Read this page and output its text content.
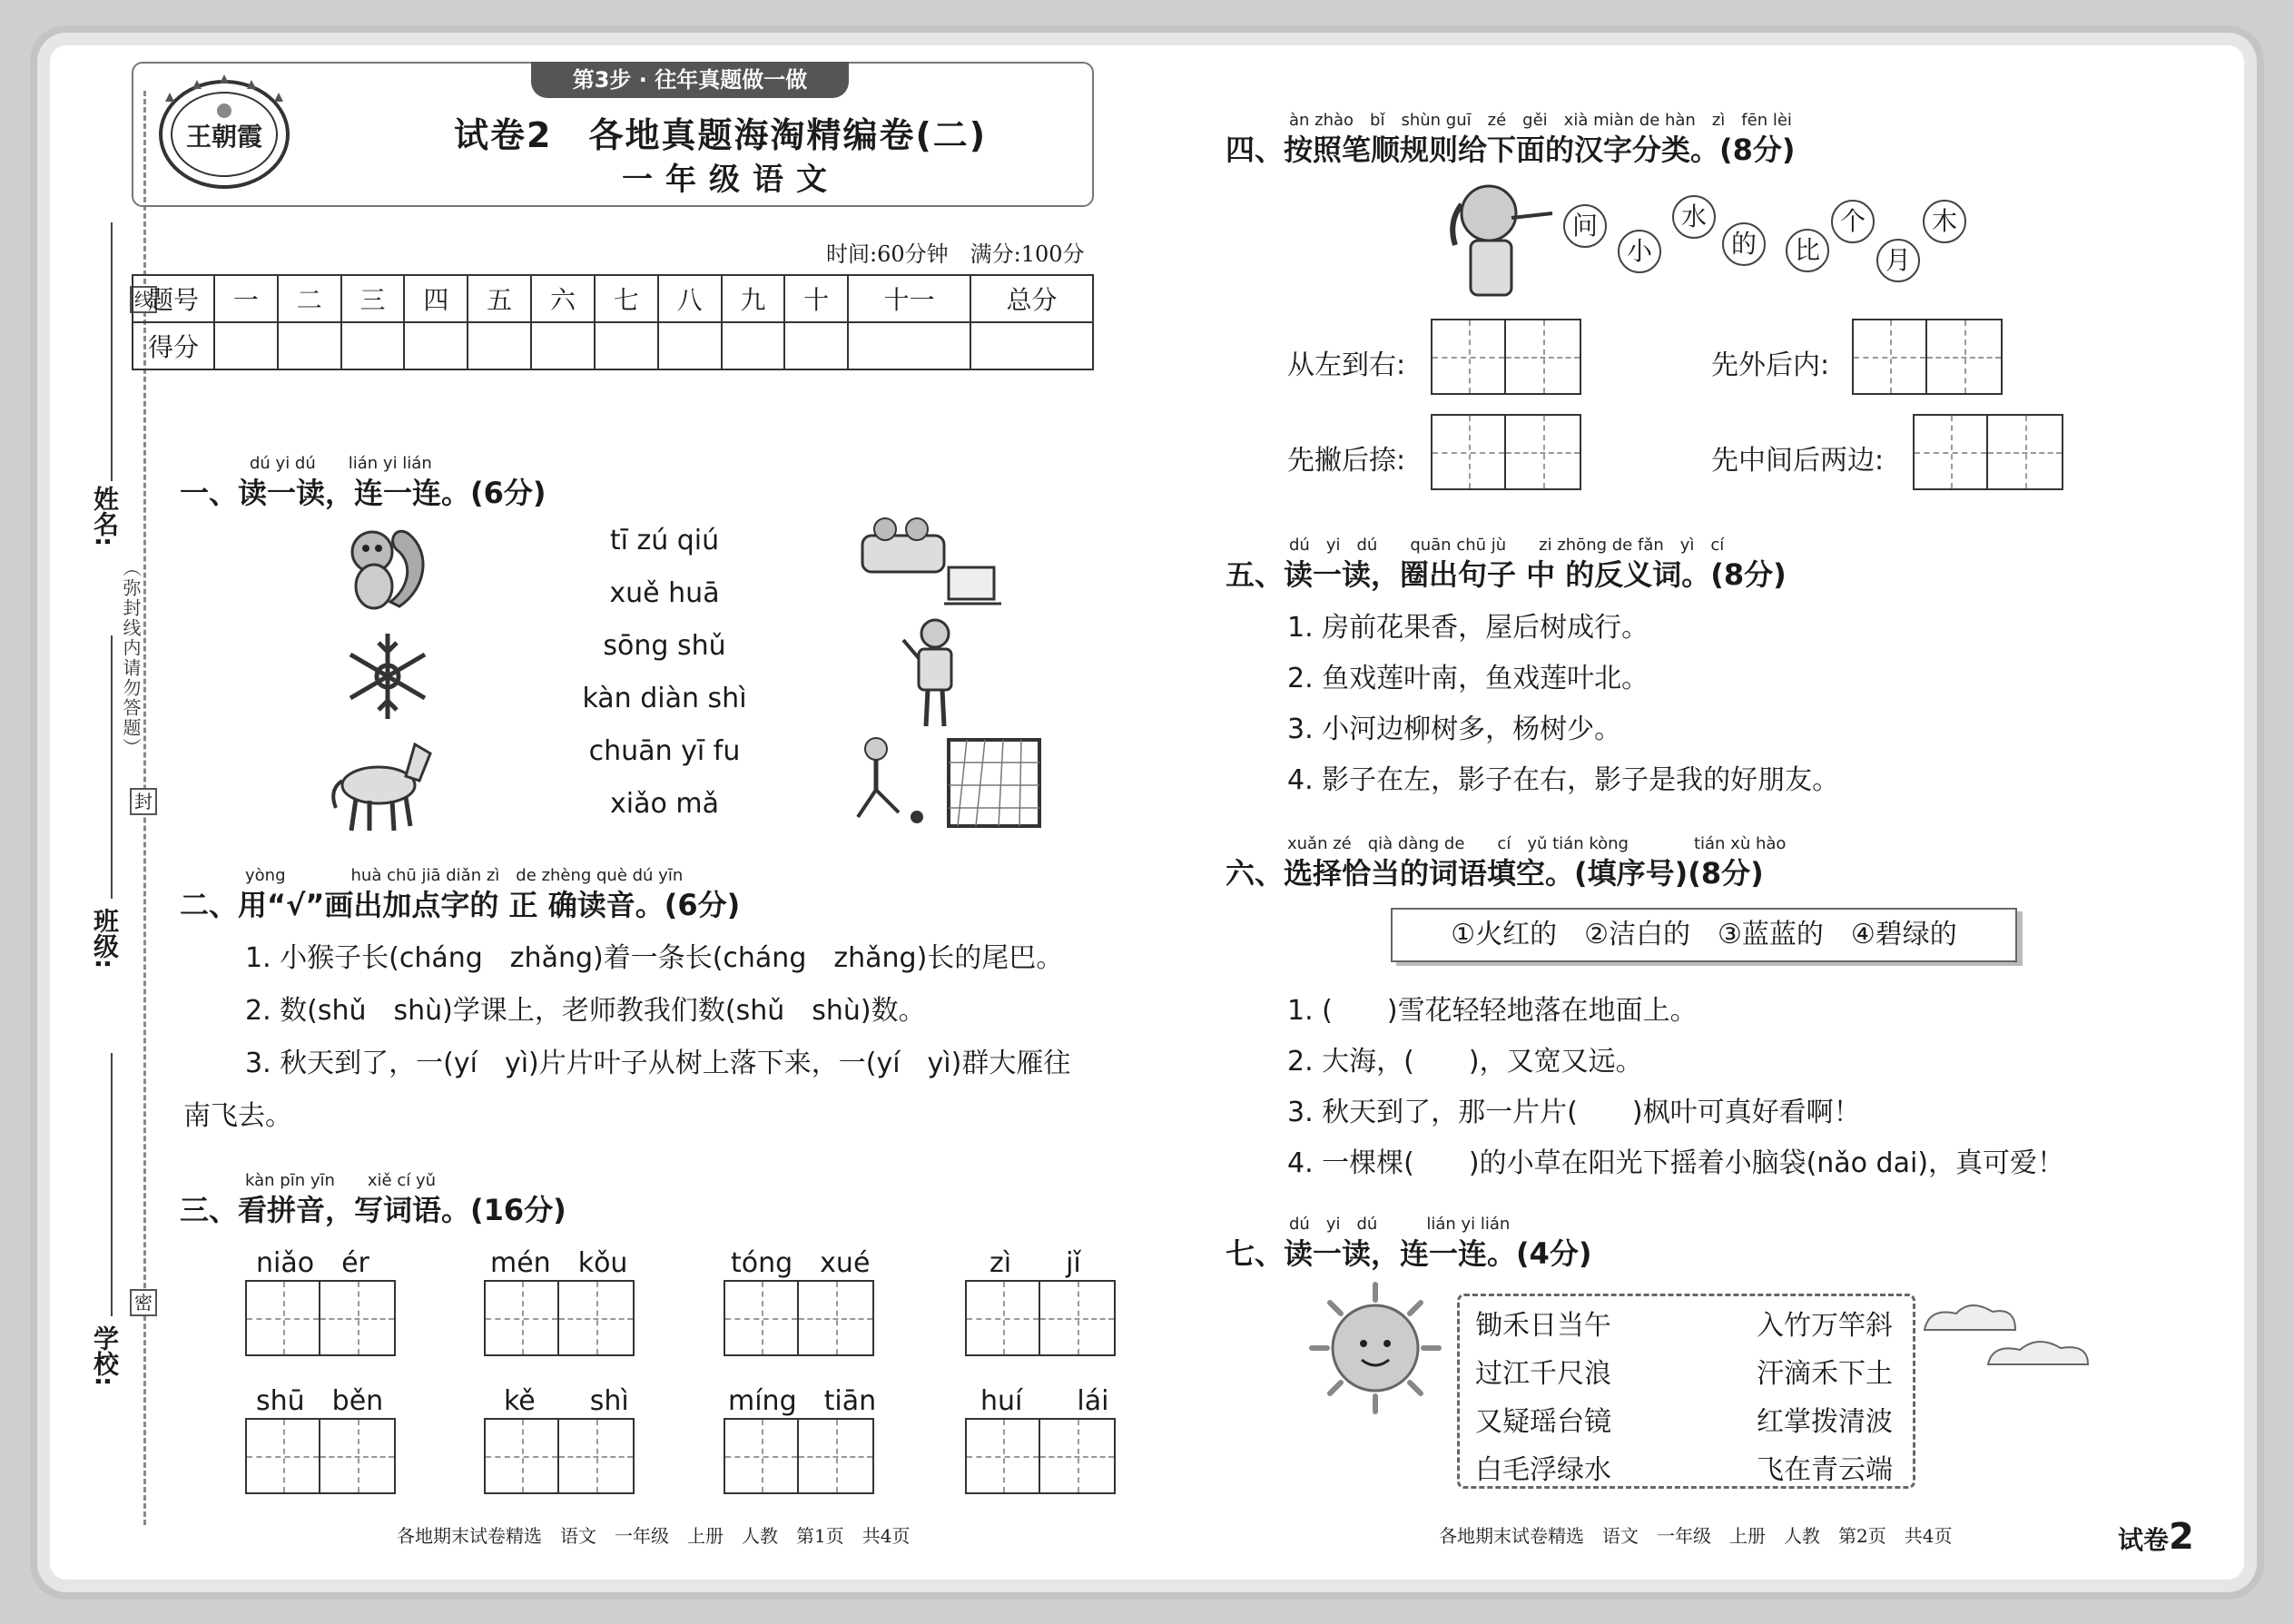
线
封
密
姓名:
班级:
学校:
（弥封线内请勿答题）
第3步 · 往年真题做一做
王朝霞	试卷2　各地真题海淘精编卷(二)
一年级语文
时间:60分钟　满分:100分
题号	一	二	三	四	五	六	七	八	九	十	十一	总分
得分												
dú yi dú　　lián yi lián
一、读一读，连一连。(6分)
tī zú qiú
xuě huā
sōng shǔ
kàn diàn shì
chuān yī fu
xiǎo mǎ
yòng　　　　huà chū jiā diǎn zì　de zhèng què dú yīn
二、用“√”画出加点字的 正 确读音。(6分)
1. 小猴子长(cháng　zhǎng)着一条长(cháng　zhǎng)长的尾巴。
2. 数(shǔ　shù)学课上，老师教我们数(shǔ　shù)数。
3. 秋天到了，一(yí　yì)片片叶子从树上落下来，一(yí　yì)群大雁往
南飞去。
kàn pīn yīn　　xiě cí yǔ
三、看拼音，写词语。(16分)
niǎo　ér	mén　kǒu	tóng　xué	zì　　jǐ
shū　běn	kě　　shì	míng　tiān	huí　　lái
各地期末试卷精选　语文　一年级　上册　人教　第1页　共4页
àn zhào　bǐ　shùn guī　zé　gěi　xià miàn de hàn　zì　fēn lèi
四、按照笔顺规则给下面的汉字分类。(8分)
问
小
水
的	比
个
月
木
从左到右:	先外后内:
先撇后捺:	先中间后两边:
dú　yi　dú　　quān chū jù　　zi zhōng de fǎn　yì　cí
五、读一读，圈出句子 中 的反义词。(8分)
1. 房前花果香，屋后树成行。
2. 鱼戏莲叶南，鱼戏莲叶北。
3. 小河边柳树多，杨树少。
4. 影子在左，影子在右，影子是我的好朋友。
xuǎn zé　qià dàng de　　cí　yǔ tián kòng　　　　tián xù hào
六、选择恰当的词语填空。(填序号)(8分)
①火红的　②洁白的　③蓝蓝的　④碧绿的
1. (　　)雪花轻轻地落在地面上。
2. 大海，(　　)，又宽又远。
3. 秋天到了，那一片片(　　)枫叶可真好看啊！
4. 一棵棵(　　)的小草在阳光下摇着小脑袋(nǎo dai)，真可爱！
dú　yi　dú　　　lián yi lián
七、读一读，连一连。(4分)
锄禾日当午
过江千尺浪
又疑瑶台镜
白毛浮绿水
入竹万竿斜
汗滴禾下土
红掌拨清波
飞在青云端
各地期末试卷精选　语文　一年级　上册　人教　第2页　共4页	试卷2
